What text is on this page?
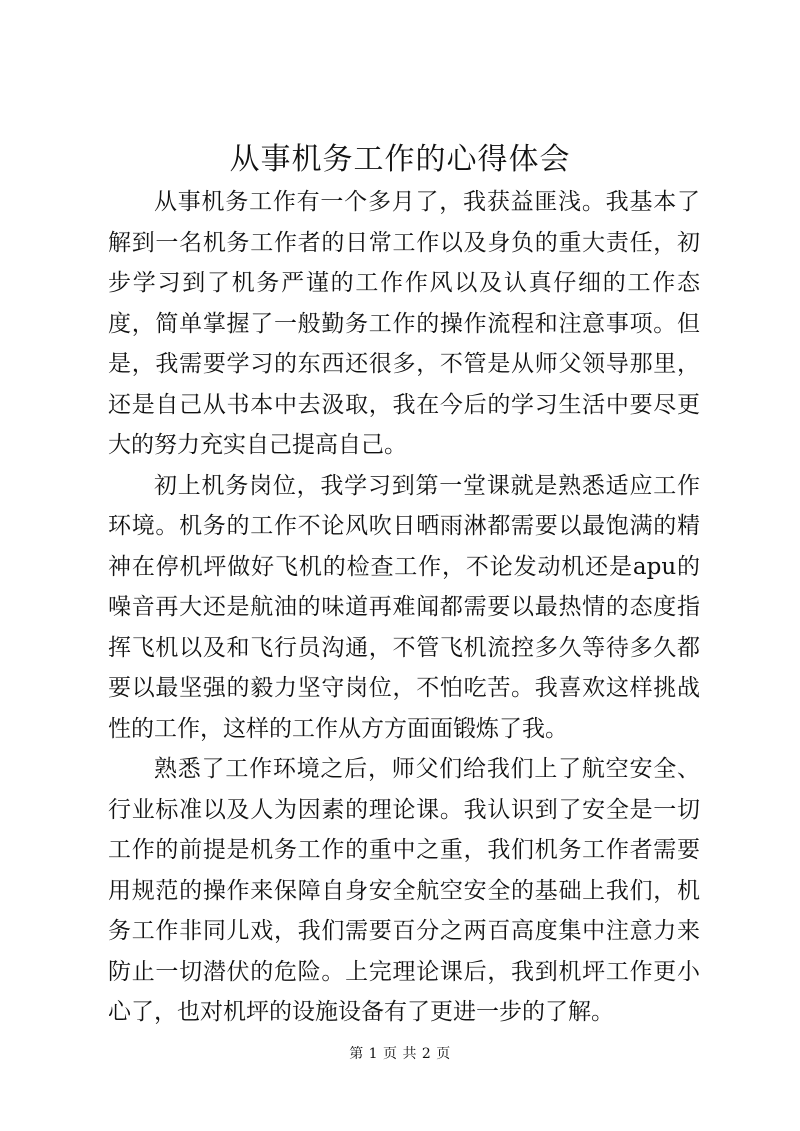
从事机务工作的心得体会

从事机务工作有一个多月了，我获益匪浅。我基本了解到一名机务工作者的日常工作以及身负的重大责任，初步学习到了机务严谨的工作作风以及认真仔细的工作态度，简单掌握了一般勤务工作的操作流程和注意事项。但是，我需要学习的东西还很多，不管是从师父领导那里，还是自己从书本中去汲取，我在今后的学习生活中要尽更大的努力充实自己提高自己。

初上机务岗位，我学习到第一堂课就是熟悉适应工作环境。机务的工作不论风吹日晒雨淋都需要以最饱满的精神在停机坪做好飞机的检查工作，不论发动机还是apu的噪音再大还是航油的味道再难闻都需要以最热情的态度指挥飞机以及和飞行员沟通，不管飞机流控多久等待多久都要以最坚强的毅力坚守岗位，不怕吃苦。我喜欢这样挑战性的工作，这样的工作从方方面面锻炼了我。

熟悉了工作环境之后，师父们给我们上了航空安全、行业标准以及人为因素的理论课。我认识到了安全是一切工作的前提是机务工作的重中之重，我们机务工作者需要用规范的操作来保障自身安全航空安全的基础上我们，机务工作非同儿戏，我们需要百分之两百高度集中注意力来防止一切潜伏的危险。上完理论课后，我到机坪工作更小心了，也对机坪的设施设备有了更进一步的了解。

第 1 页 共 2 页
